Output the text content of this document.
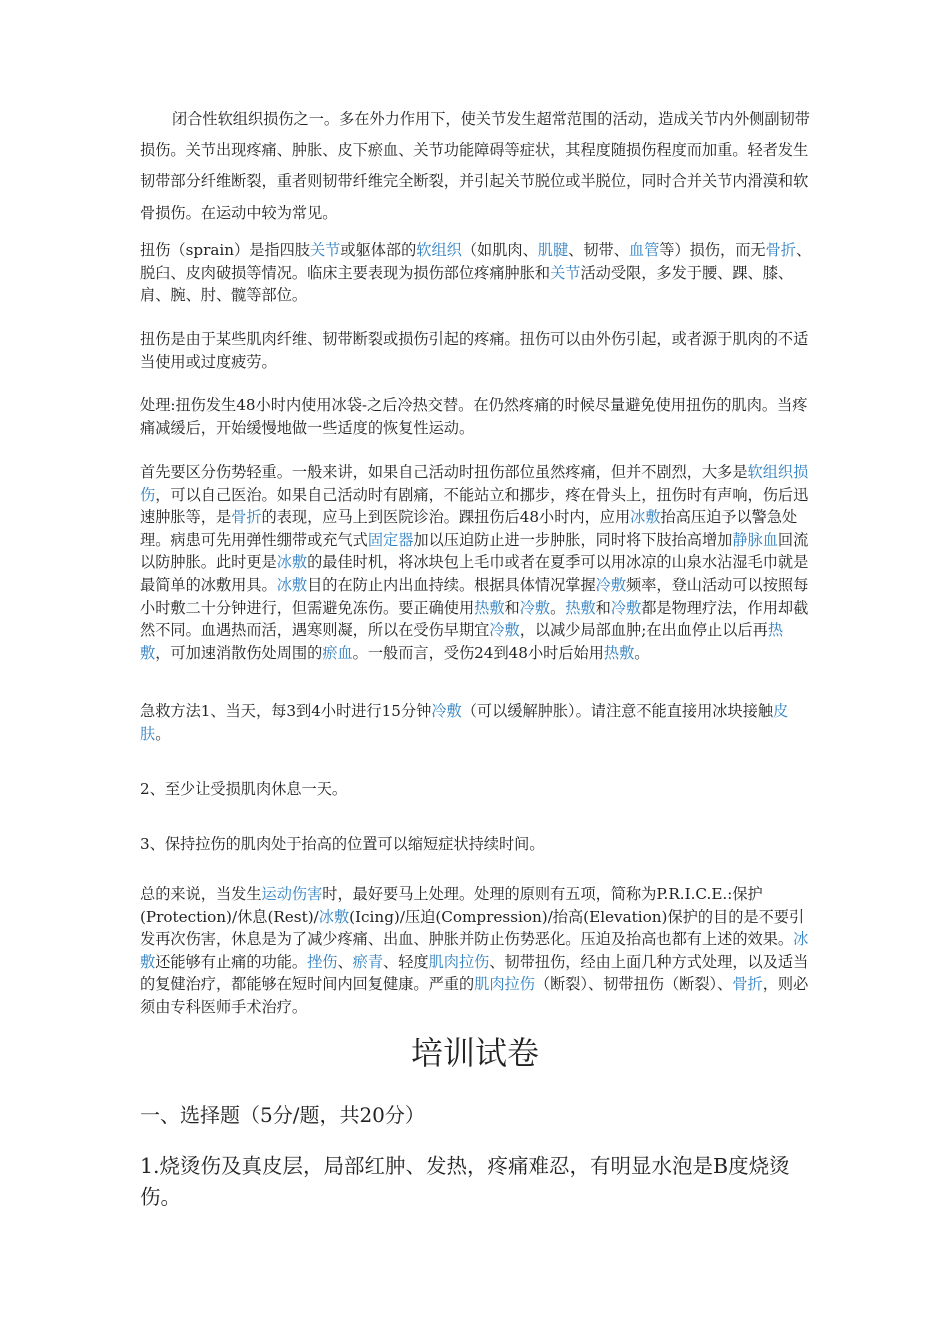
闭合性软组织损伤之一。多在外力作用下，使关节发生超常范围的活动，造成关节内外侧副韧带损伤。关节出现疼痛、肿胀、皮下瘀血、关节功能障碍等症状，其程度随损伤程度而加重。轻者发生韧带部分纤维断裂，重者则韧带纤维完全断裂，并引起关节脱位或半脱位，同时合并关节内滑漠和软骨损伤。在运动中较为常见。

扭伤（sprain）是指四肢关节或躯体部的软组织（如肌肉、肌腱、韧带、血管等）损伤，而无骨折、脱臼、皮肉破损等情况。临床主要表现为损伤部位疼痛肿胀和关节活动受限，多发于腰、踝、膝、肩、腕、肘、髋等部位。

扭伤是由于某些肌肉纤维、韧带断裂或损伤引起的疼痛。扭伤可以由外伤引起，或者源于肌肉的不适当使用或过度疲劳。

处理:扭伤发生48小时内使用冰袋-之后冷热交替。在仍然疼痛的时候尽量避免使用扭伤的肌肉。当疼痛减缓后，开始缓慢地做一些适度的恢复性运动。

首先要区分伤势轻重。一般来讲，如果自己活动时扭伤部位虽然疼痛，但并不剧烈，大多是软组织损伤，可以自己医治。如果自己活动时有剧痛，不能站立和挪步，疼在骨头上，扭伤时有声响，伤后迅速肿胀等，是骨折的表现，应马上到医院诊治。踝扭伤后48小时内，应用冰敷抬高压迫予以警急处理。病患可先用弹性绷带或充气式固定器加以压迫防止进一步肿胀，同时将下肢抬高增加静脉血回流以防肿胀。此时更是冰敷的最佳时机，将冰块包上毛巾或者在夏季可以用冰凉的山泉水沾湿毛巾就是最简单的冰敷用具。冰敷目的在防止内出血持续。根据具体情况掌握冷敷频率，登山活动可以按照每小时敷二十分钟进行，但需避免冻伤。要正确使用热敷和冷敷。热敷和冷敷都是物理疗法，作用却截然不同。血遇热而活，遇寒则凝，所以在受伤早期宜冷敷，以减少局部血肿;在出血停止以后再热敷，可加速消散伤处周围的瘀血。一般而言，受伤24到48小时后始用热敷。

急救方法1、当天，每3到4小时进行15分钟冷敷（可以缓解肿胀）。请注意不能直接用冰块接触皮肤。

2、至少让受损肌肉休息一天。

3、保持拉伤的肌肉处于抬高的位置可以缩短症状持续时间。

总的来说，当发生运动伤害时，最好要马上处理。处理的原则有五项，简称为P.R.I.C.E.:保护(Protection)/休息(Rest)/冰敷(Icing)/压迫(Compression)/抬高(Elevation)保护的目的是不要引发再次伤害，休息是为了减少疼痛、出血、肿胀并防止伤势恶化。压迫及抬高也都有上述的效果。冰敷还能够有止痛的功能。挫伤、瘀青、轻度肌肉拉伤、韧带扭伤，经由上面几种方式处理，以及适当的复健治疗，都能够在短时间内回复健康。严重的肌肉拉伤（断裂）、韧带扭伤（断裂）、骨折，则必须由专科医师手术治疗。

培训试卷

一、选择题（5分/题，共20分）

1.烧烫伤及真皮层，局部红肿、发热，疼痛难忍，有明显水泡是B度烧烫伤。
